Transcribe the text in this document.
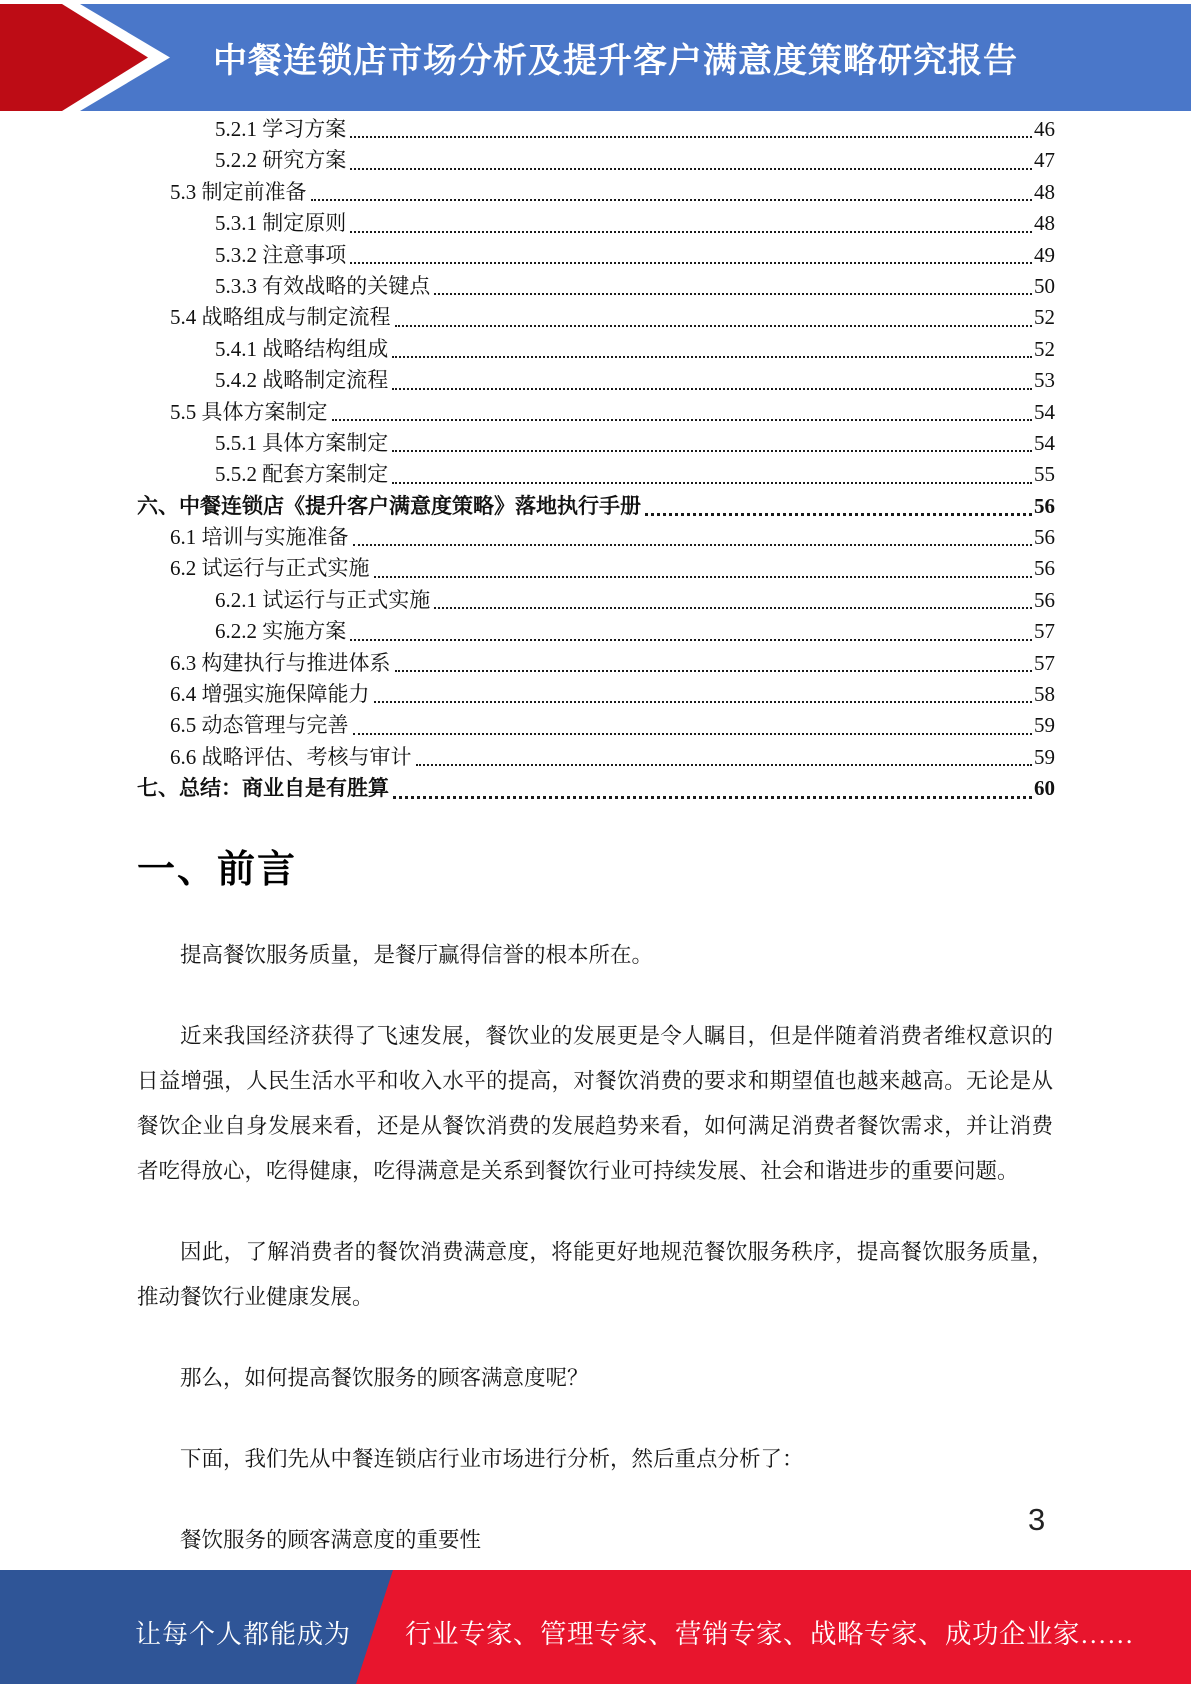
中餐连锁店市场分析及提升客户满意度策略研究报告
5.2.1 学习方案	46
5.2.2 研究方案	47
5.3 制定前准备	48
5.3.1 制定原则	48
5.3.2 注意事项	49
5.3.3 有效战略的关键点	50
5.4 战略组成与制定流程	52
5.4.1 战略结构组成	52
5.4.2 战略制定流程	53
5.5 具体方案制定	54
5.5.1 具体方案制定	54
5.5.2 配套方案制定	55
六、中餐连锁店《提升客户满意度策略》落地执行手册	56
6.1 培训与实施准备	56
6.2 试运行与正式实施	56
6.2.1 试运行与正式实施	56
6.2.2 实施方案	57
6.3 构建执行与推进体系	57
6.4 增强实施保障能力	58
6.5 动态管理与完善	59
6.6 战略评估、考核与审计	59
七、总结：商业自是有胜算	60
一、前言

提高餐饮服务质量，是餐厅赢得信誉的根本所在。

近来我国经济获得了飞速发展，餐饮业的发展更是令人瞩目，但是伴随着消费者维权意识的日益增强，人民生活水平和收入水平的提高，对餐饮消费的要求和期望值也越来越高。无论是从餐饮企业自身发展来看，还是从餐饮消费的发展趋势来看，如何满足消费者餐饮需求，并让消费者吃得放心，吃得健康，吃得满意是关系到餐饮行业可持续发展、社会和谐进步的重要问题。

因此，了解消费者的餐饮消费满意度，将能更好地规范餐饮服务秩序，提高餐饮服务质量，推动餐饮行业健康发展。

那么，如何提高餐饮服务的顾客满意度呢？

下面，我们先从中餐连锁店行业市场进行分析，然后重点分析了：

餐饮服务的顾客满意度的重要性

3
让每个人都能成为 行业专家、管理专家、营销专家、战略专家、成功企业家……
